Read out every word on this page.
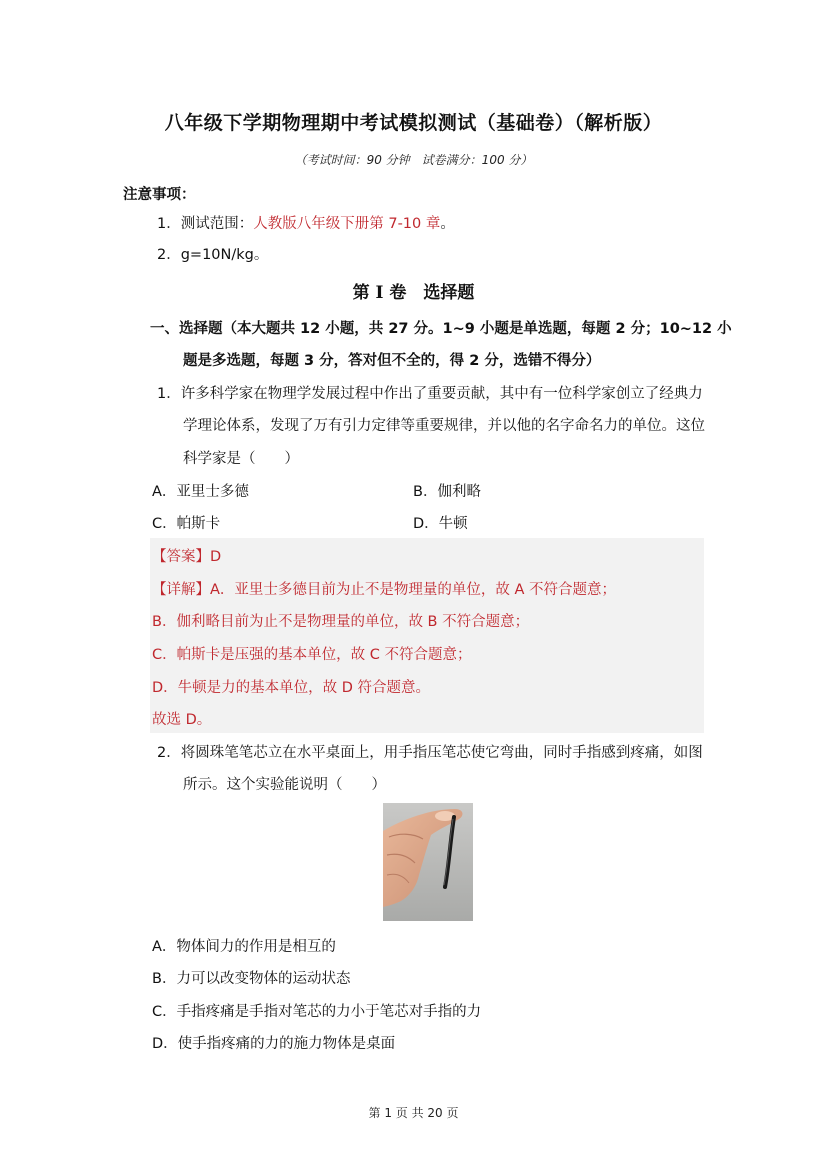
八年级下学期物理期中考试模拟测试（基础卷）（解析版）
（考试时间：90 分钟　试卷满分：100 分）
注意事项：
1．测试范围：人教版八年级下册第 7-10 章。
2．g=10N/kg。
第 Ⅰ 卷　选择题
一、选择题（本大题共 12 小题，共 27 分。1~9 小题是单选题，每题 2 分；10~12 小
题是多选题，每题 3 分，答对但不全的，得 2 分，选错不得分）
1．许多科学家在物理学发展过程中作出了重要贡献，其中有一位科学家创立了经典力
学理论体系，发现了万有引力定律等重要规律，并以他的名字命名力的单位。这位
科学家是（　　）
A．亚里士多德	B．伽利略
C．帕斯卡	D．牛顿
【答案】D
【详解】A．亚里士多德目前为止不是物理量的单位，故 A 不符合题意；
B．伽利略目前为止不是物理量的单位，故 B 不符合题意；
C．帕斯卡是压强的基本单位，故 C 不符合题意；
D．牛顿是力的基本单位，故 D 符合题意。
故选 D。
2．将圆珠笔笔芯立在水平桌面上，用手指压笔芯使它弯曲，同时手指感到疼痛，如图
所示。这个实验能说明（　　）
A．物体间力的作用是相互的
B．力可以改变物体的运动状态
C．手指疼痛是手指对笔芯的力小于笔芯对手指的力
D．使手指疼痛的力的施力物体是桌面
第 1 页 共 20 页
